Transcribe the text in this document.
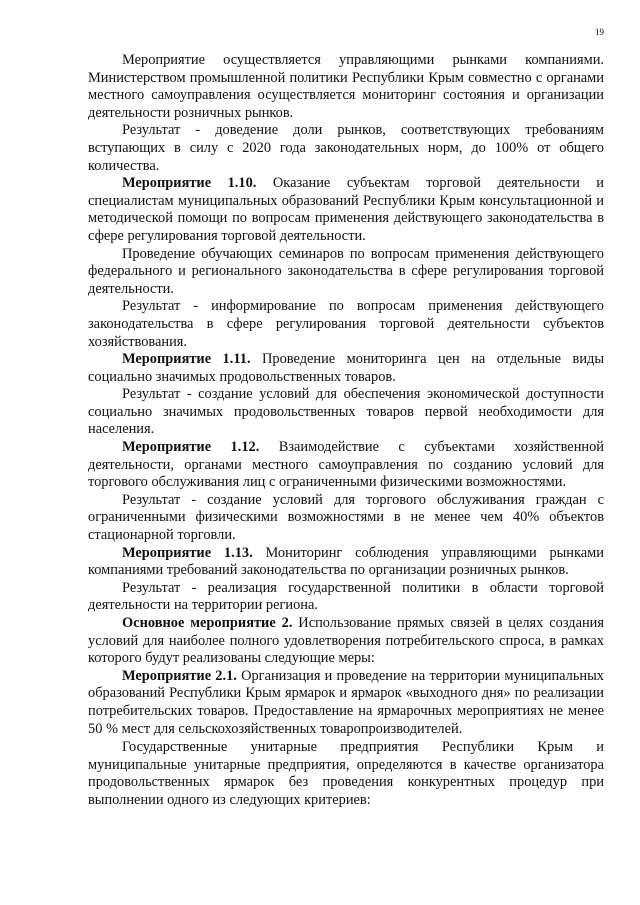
19

Мероприятие осуществляется управляющими рынками компаниями. Министерством промышленной политики Республики Крым совместно с органами местного самоуправления осуществляется мониторинг состояния и организации деятельности розничных рынков.

Результат - доведение доли рынков, соответствующих требованиям вступающих в силу с 2020 года законодательных норм, до 100% от общего количества.

Мероприятие 1.10. Оказание субъектам торговой деятельности и специалистам муниципальных образований Республики Крым консультационной и методической помощи по вопросам применения действующего законодательства в сфере регулирования торговой деятельности.

Проведение обучающих семинаров по вопросам применения действующего федерального и регионального законодательства в сфере регулирования торговой деятельности.

Результат - информирование по вопросам применения действующего законодательства в сфере регулирования торговой деятельности субъектов хозяйствования.

Мероприятие 1.11. Проведение мониторинга цен на отдельные виды социально значимых продовольственных товаров.

Результат - создание условий для обеспечения экономической доступности социально значимых продовольственных товаров первой необходимости для населения.

Мероприятие 1.12. Взаимодействие с субъектами хозяйственной деятельности, органами местного самоуправления по созданию условий для торгового обслуживания лиц с ограниченными физическими возможностями.

Результат - создание условий для торгового обслуживания граждан с ограниченными физическими возможностями в не менее чем 40% объектов стационарной торговли.

Мероприятие 1.13. Мониторинг соблюдения управляющими рынками компаниями требований законодательства по организации розничных рынков.

Результат - реализация государственной политики в области торговой деятельности на территории региона.

Основное мероприятие 2. Использование прямых связей в целях создания условий для наиболее полного удовлетворения потребительского спроса, в рамках которого будут реализованы следующие меры:

Мероприятие 2.1. Организация и проведение на территории муниципальных образований Республики Крым ярмарок и ярмарок «выходного дня» по реализации потребительских товаров. Предоставление на ярмарочных мероприятиях не менее 50 % мест для сельскохозяйственных товаропроизводителей.

Государственные унитарные предприятия Республики Крым и муниципальные унитарные предприятия, определяются в качестве организатора продовольственных ярмарок без проведения конкурентных процедур при выполнении одного из следующих критериев:
